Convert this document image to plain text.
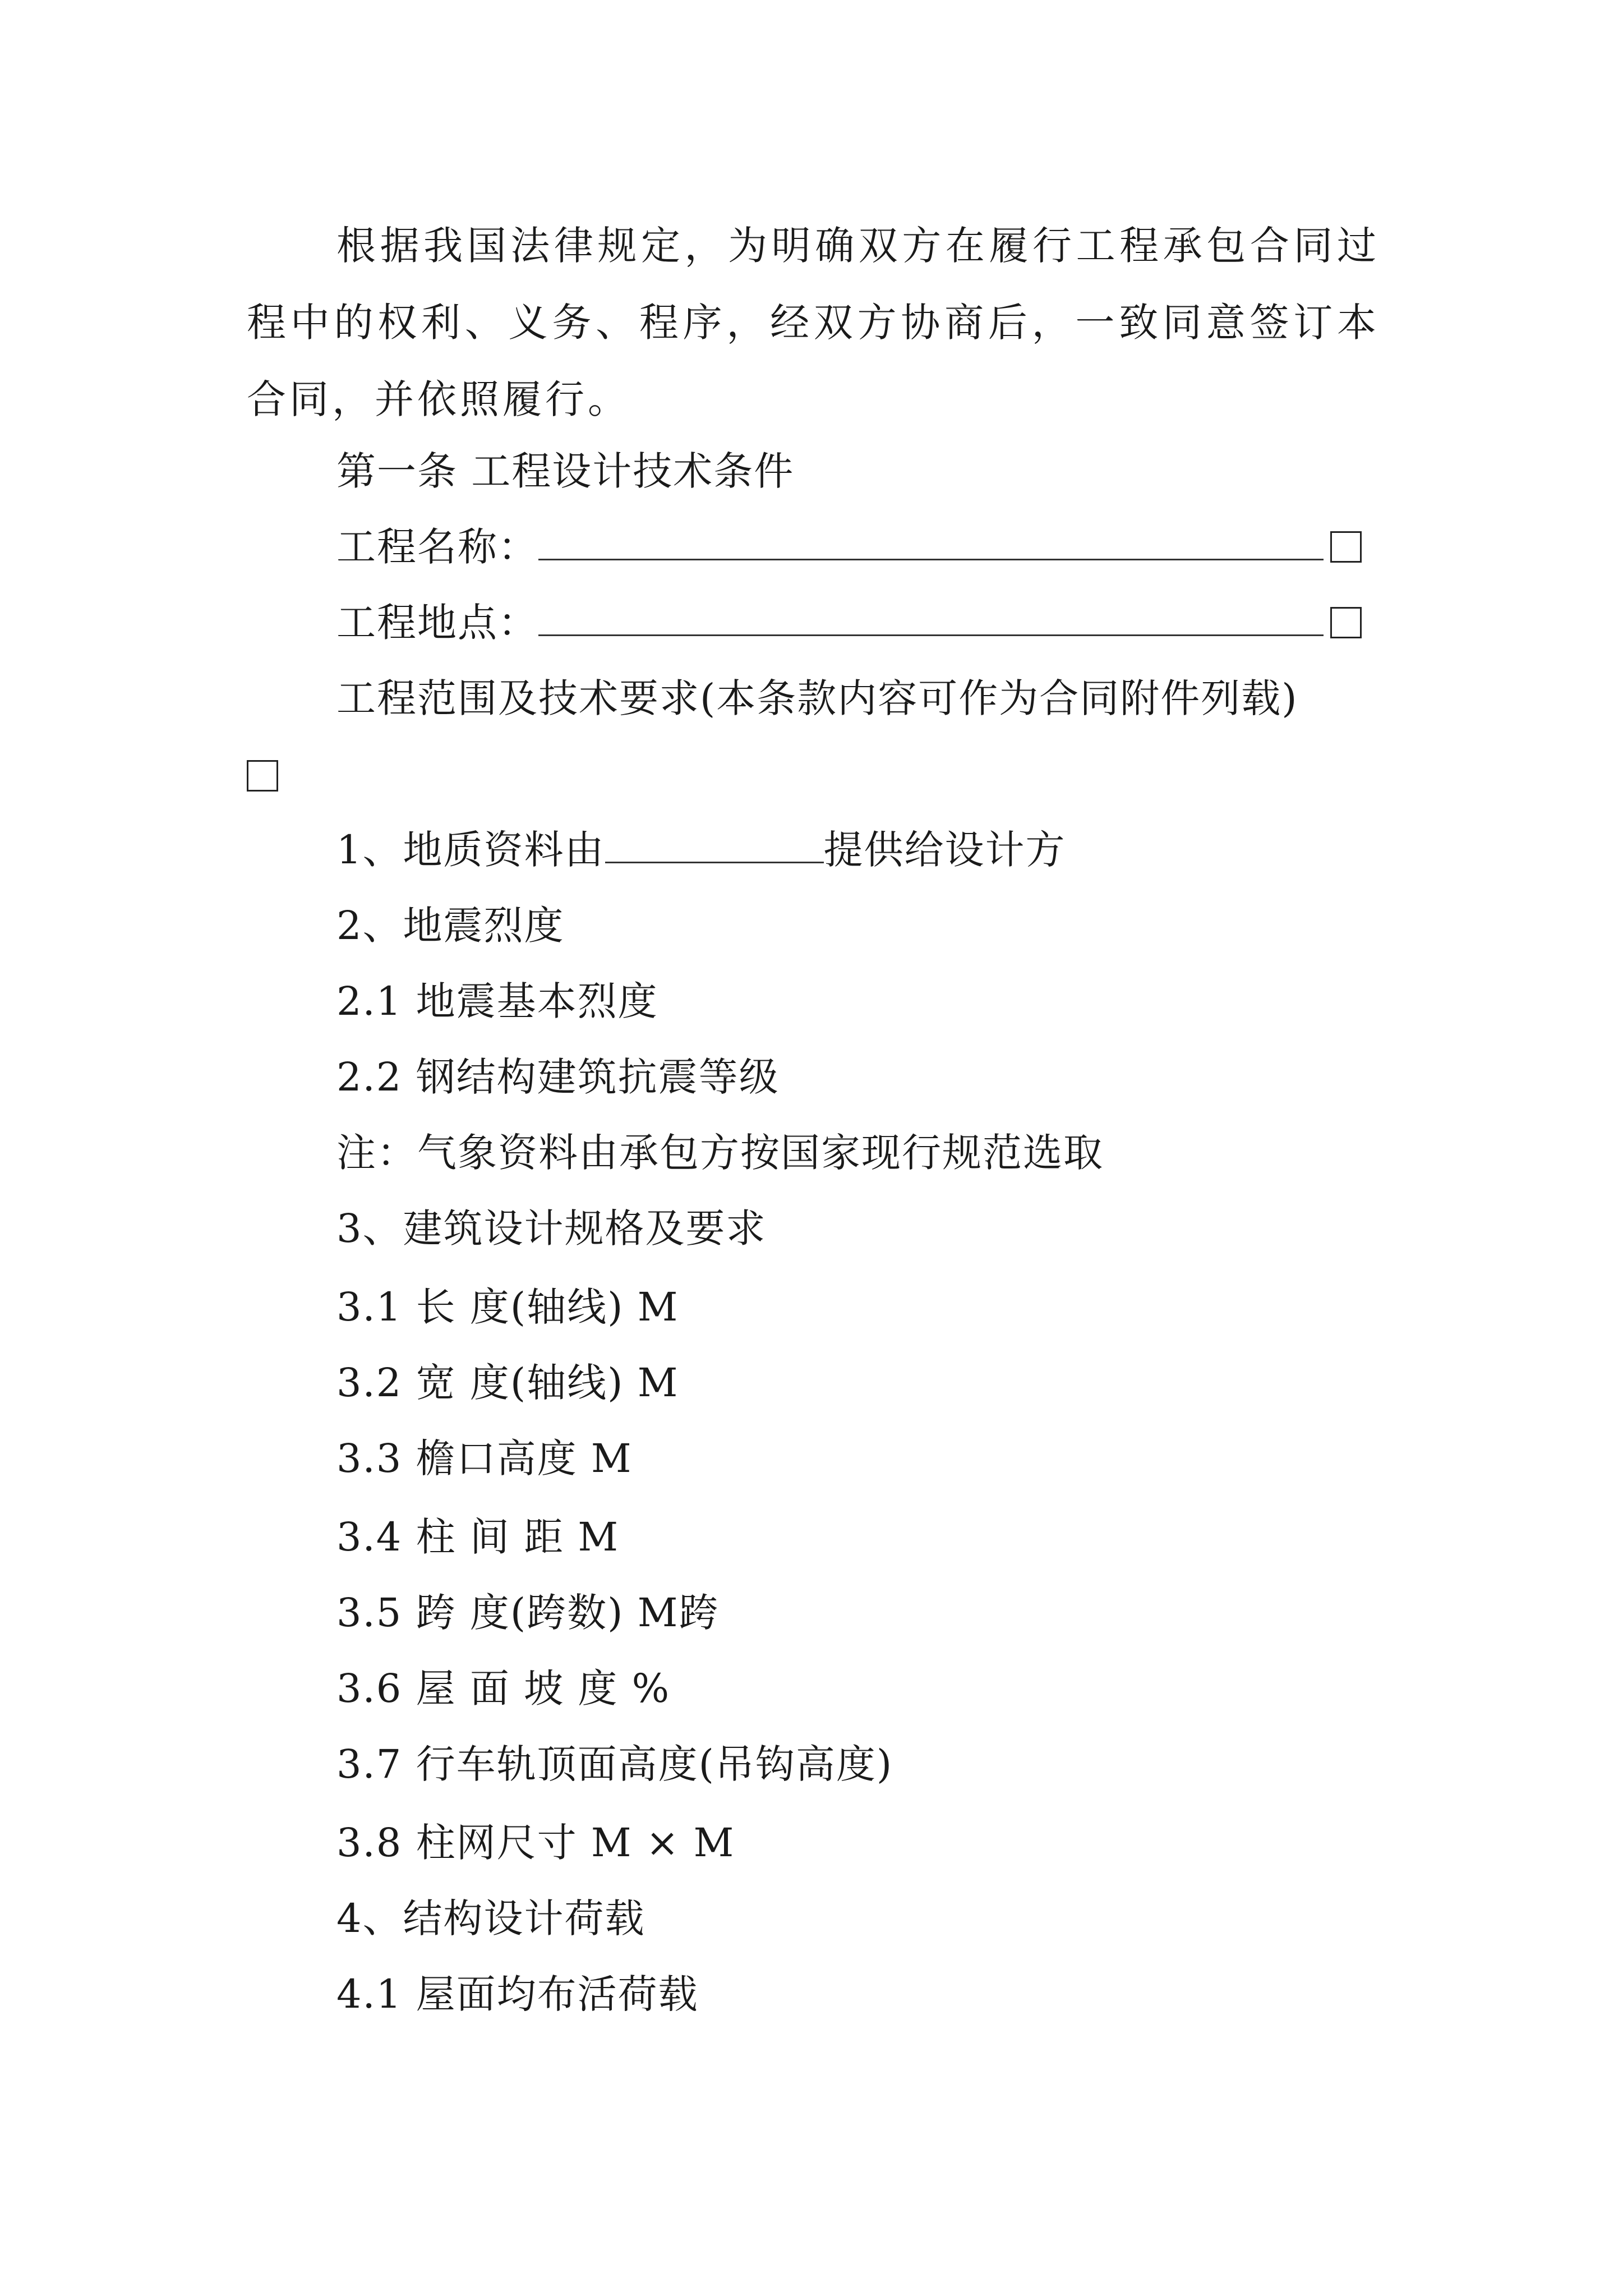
根据我国法律规定，为明确双方在履行工程承包合同过程中的权利、义务、程序，经双方协商后，一致同意签订本合同，并依照履行。
第一条 工程设计技术条件
工程名称：
工程地点：
工程范围及技术要求(本条款内容可作为合同附件列载)
1、地质资料由	提供给设计方
2、地震烈度
2.1 地震基本烈度
2.2 钢结构建筑抗震等级
注：气象资料由承包方按国家现行规范选取
3、建筑设计规格及要求
3.1 长 度(轴线) M
3.2 宽 度(轴线) M
3.3 檐口高度 M
3.4 柱 间 距 M
3.5 跨 度(跨数) M跨
3.6 屋 面 坡 度 %
3.7 行车轨顶面高度(吊钩高度)
3.8 柱网尺寸 M × M
4、结构设计荷载
4.1 屋面均布活荷载
